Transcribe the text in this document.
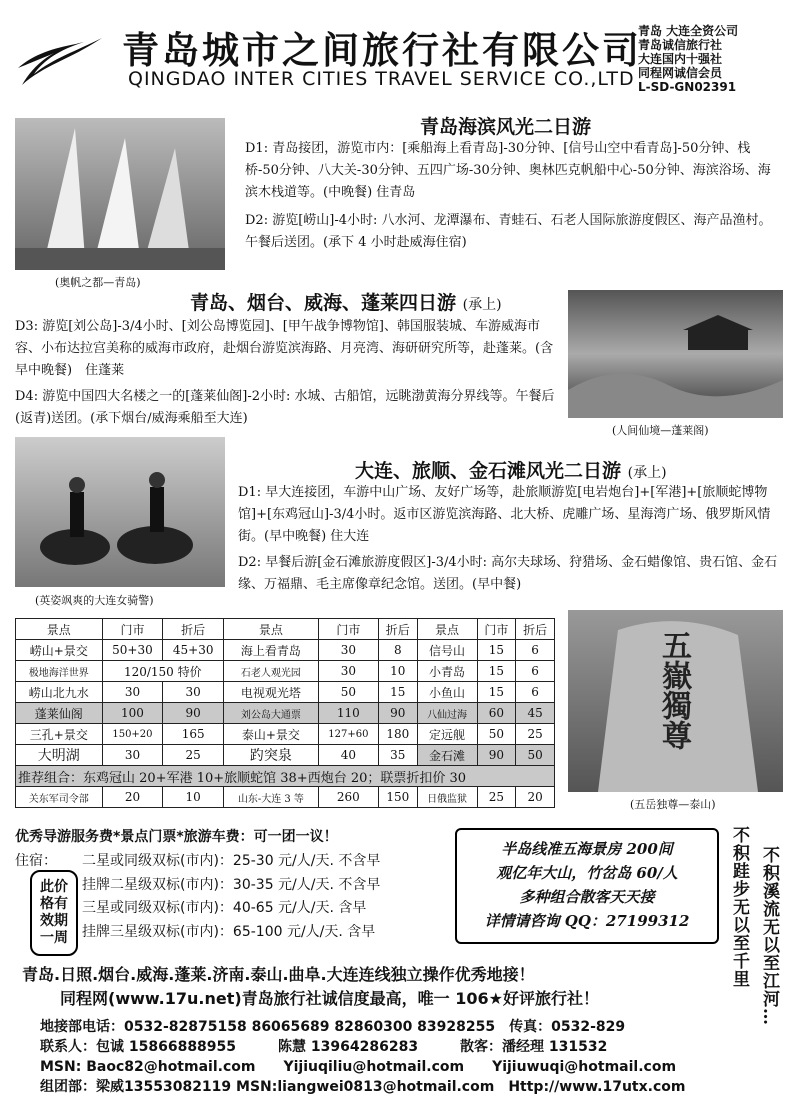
青岛城市之间旅行社有限公司
QINGDAO INTER CITIES TRAVEL SERVICE CO.,LTD
青岛 大连全资公司
青岛诚信旅行社
大连国内十强社
同程网诚信会员
L-SD-GN02391
(奥帆之都—青岛)
青岛海滨风光二日游
D1: 青岛接团，游览市内：[乘船海上看青岛]-30分钟、[信号山空中看青岛]-50分钟、栈桥-50分钟、八大关-30分钟、五四广场-30分钟、奥林匹克帆船中心-50分钟、海滨浴场、海滨木栈道等。(中晚餐) 住青岛
D2: 游览[崂山]-4小时: 八水河、龙潭瀑布、青蛙石、石老人国际旅游度假区、海产品渔村。午餐后送团。(承下 4 小时赴威海住宿)
青岛、烟台、威海、蓬莱四日游 (承上)
D3: 游览[刘公岛]-3/4小时、[刘公岛博览园]、[甲午战争博物馆]、韩国服装城、车游威海市容、小布达拉宫美称的威海市政府，赴烟台游览滨海路、月亮湾、海研研究所等，赴蓬莱。(含早中晚餐)　住蓬莱
D4: 游览中国四大名楼之一的[蓬莱仙阁]-2小时: 水城、古船馆，远眺渤黄海分界线等。午餐后(返青)送团。(承下烟台/威海乘船至大连)
(人间仙境—蓬莱阁)
(英姿飒爽的大连女骑警)
大连、旅顺、金石滩风光二日游 (承上)
D1: 早大连接团，车游中山广场、友好广场等，赴旅顺游览[电岩炮台]+[军港]+[旅顺蛇博物馆]+[东鸡冠山]-3/4小时。返市区游览滨海路、北大桥、虎雕广场、星海湾广场、俄罗斯风情街。(早中晚餐) 住大连
D2: 早餐后游[金石滩旅游度假区]-3/4小时: 高尔夫球场、狩猎场、金石蜡像馆、贵石馆、金石缘、万福鼎、毛主席像章纪念馆。送团。(早中餐)
景点	门市	折后	景点	门市	折后	景点	门市	折后
崂山+景交	50+30	45+30	海上看青岛	30	8	信号山	15	6
极地海洋世界	120/150 特价		石老人观光园	30	10	小青岛	15	6
崂山北九水	30	30	电视观光塔	50	15	小鱼山	15	6
蓬莱仙阁	100	90	刘公岛大通票	110	90	八仙过海	60	45
三孔+景交	150+20	165	泰山+景交	127+60	180	定远舰	50	25
大明湖	30	25	趵突泉	40	35	金石滩	90	50
推荐组合：东鸡冠山 20+军港 10+旅顺蛇馆 38+西炮台 20；联票折扣价 30								
关东军司令部	20	10	山东-大连 3 等	260	150	日俄监狱	25	20
五嶽獨尊
(五岳独尊—泰山)
优秀导游服务费*景点门票*旅游车费：可一团一议！
住宿：
此价格有效期一周
二星或同级双标(市内)：25-30 元/人/天. 不含早
挂牌二星级双标(市内)：30-35 元/人/天. 不含早
三星或同级双标(市内)：40-65 元/人/天. 含早
挂牌三星级双标(市内)：65-100 元/人/天. 含早
半岛线准五海景房 200间
观亿年大山，竹岔岛 60/人
多种组合散客天天接
详情请咨询 QQ：27199312	不积跬步无以至千里 不积溪流无以至江河…
青岛.日照.烟台.威海.蓬莱.济南.泰山.曲阜.大连连线独立操作优秀地接！
同程网(www.17u.net)青岛旅行社诚信度最高，唯一 106★好评旅行社！
地接部电话：0532-82875158 86065689 82860300 83928255　传真：0532-829
联系人：包诚 15866888955　　　陈慧 13964286283　　　散客：潘经理 131532
MSN: Baoc82@hotmail.com　　Yijiuqiliu@hotmail.com　　Yijiuwuqi@hotmail.com
组团部：梁威13553082119 MSN:liangwei0813@hotmail.com　Http://www.17utx.com
